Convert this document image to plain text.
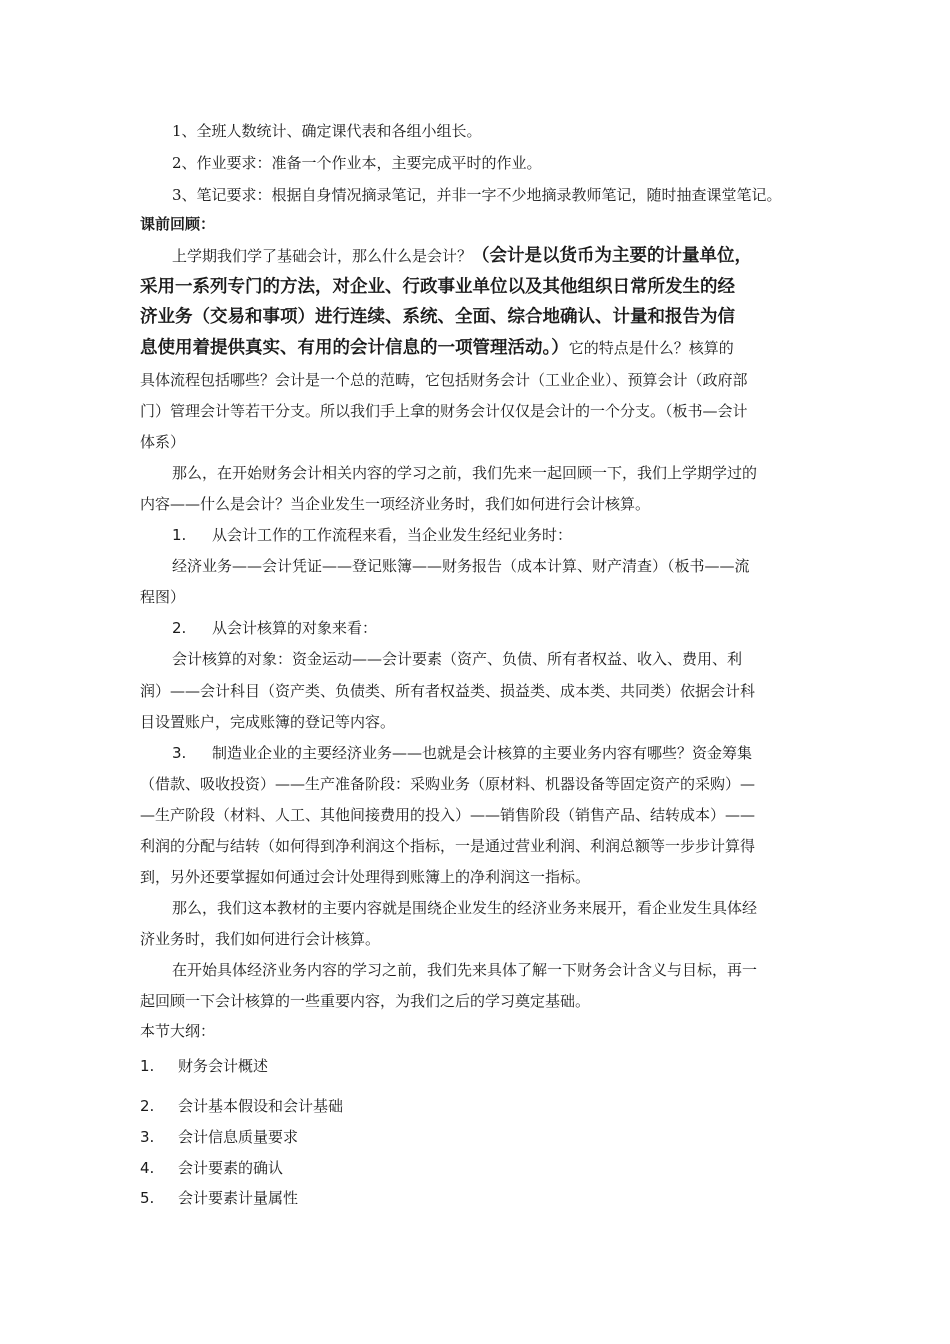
1、全班人数统计、确定课代表和各组小组长。
2、作业要求：准备一个作业本，主要完成平时的作业。
3、笔记要求：根据自身情况摘录笔记，并非一字不少地摘录教师笔记，随时抽查课堂笔记。
课前回顾：
上学期我们学了基础会计，那么什么是会计？（会计是以货币为主要的计量单位，
采用一系列专门的方法，对企业、行政事业单位以及其他组织日常所发生的经
济业务（交易和事项）进行连续、系统、全面、综合地确认、计量和报告为信
息使用着提供真实、有用的会计信息的一项管理活动。）它的特点是什么？核算的
具体流程包括哪些？会计是一个总的范畴，它包括财务会计（工业企业）、预算会计（政府部
门）管理会计等若干分支。所以我们手上拿的财务会计仅仅是会计的一个分支。（板书—会计
体系）
那么，在开始财务会计相关内容的学习之前，我们先来一起回顾一下，我们上学期学过的
内容——什么是会计？当企业发生一项经济业务时，我们如何进行会计核算。
1. 从会计工作的工作流程来看，当企业发生经纪业务时：
经济业务——会计凭证——登记账簿——财务报告（成本计算、财产清查）（板书——流
程图）
2. 从会计核算的对象来看：
会计核算的对象：资金运动——会计要素（资产、负债、所有者权益、收入、费用、利
润）——会计科目（资产类、负债类、所有者权益类、损益类、成本类、共同类）依据会计科
目设置账户，完成账簿的登记等内容。
3. 制造业企业的主要经济业务——也就是会计核算的主要业务内容有哪些？资金筹集
（借款、吸收投资）——生产准备阶段：采购业务（原材料、机器设备等固定资产的采购）—
—生产阶段（材料、人工、其他间接费用的投入）——销售阶段（销售产品、结转成本）——
利润的分配与结转（如何得到净利润这个指标，一是通过营业利润、利润总额等一步步计算得
到，另外还要掌握如何通过会计处理得到账簿上的净利润这一指标。
那么，我们这本教材的主要内容就是围绕企业发生的经济业务来展开，看企业发生具体经
济业务时，我们如何进行会计核算。
在开始具体经济业务内容的学习之前，我们先来具体了解一下财务会计含义与目标，再一
起回顾一下会计核算的一些重要内容，为我们之后的学习奠定基础。
本节大纲：
1. 财务会计概述
2. 会计基本假设和会计基础
3. 会计信息质量要求
4. 会计要素的确认
5. 会计要素计量属性
